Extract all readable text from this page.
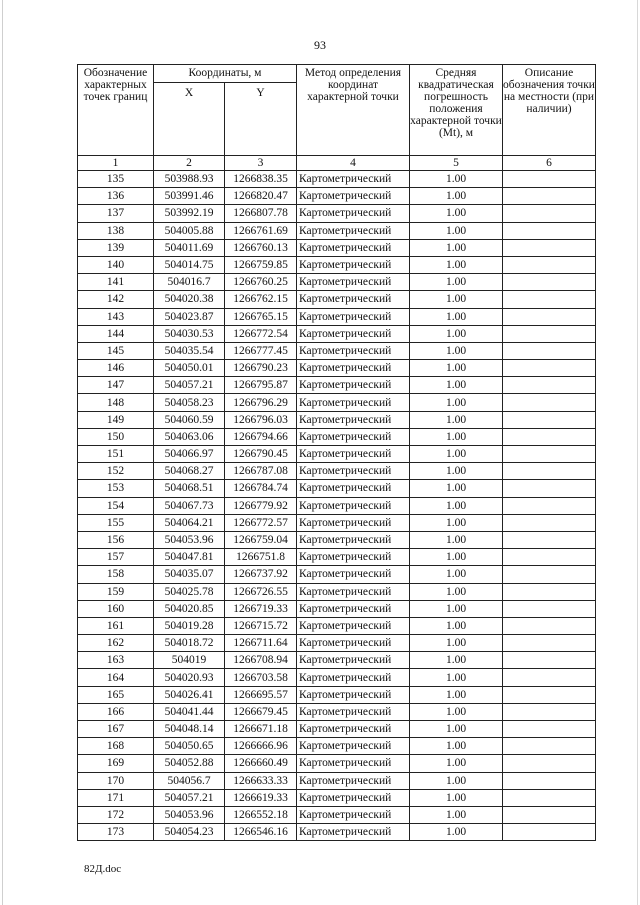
93
Обозначение характерных точек границ	Координаты, м		Метод определения координат характерной точки	Средняя квадратическая погрешность положения характерной точки (Mt), м	Описание обозначения точки на местности (при наличии)
	X	Y			
1	2	3	4	5	6
135	503988.93	1266838.35	Картометрический	1.00	
136	503991.46	1266820.47	Картометрический	1.00	
137	503992.19	1266807.78	Картометрический	1.00	
138	504005.88	1266761.69	Картометрический	1.00	
139	504011.69	1266760.13	Картометрический	1.00	
140	504014.75	1266759.85	Картометрический	1.00	
141	504016.7	1266760.25	Картометрический	1.00	
142	504020.38	1266762.15	Картометрический	1.00	
143	504023.87	1266765.15	Картометрический	1.00	
144	504030.53	1266772.54	Картометрический	1.00	
145	504035.54	1266777.45	Картометрический	1.00	
146	504050.01	1266790.23	Картометрический	1.00	
147	504057.21	1266795.87	Картометрический	1.00	
148	504058.23	1266796.29	Картометрический	1.00	
149	504060.59	1266796.03	Картометрический	1.00	
150	504063.06	1266794.66	Картометрический	1.00	
151	504066.97	1266790.45	Картометрический	1.00	
152	504068.27	1266787.08	Картометрический	1.00	
153	504068.51	1266784.74	Картометрический	1.00	
154	504067.73	1266779.92	Картометрический	1.00	
155	504064.21	1266772.57	Картометрический	1.00	
156	504053.96	1266759.04	Картометрический	1.00	
157	504047.81	1266751.8	Картометрический	1.00	
158	504035.07	1266737.92	Картометрический	1.00	
159	504025.78	1266726.55	Картометрический	1.00	
160	504020.85	1266719.33	Картометрический	1.00	
161	504019.28	1266715.72	Картометрический	1.00	
162	504018.72	1266711.64	Картометрический	1.00	
163	504019	1266708.94	Картометрический	1.00	
164	504020.93	1266703.58	Картометрический	1.00	
165	504026.41	1266695.57	Картометрический	1.00	
166	504041.44	1266679.45	Картометрический	1.00	
167	504048.14	1266671.18	Картометрический	1.00	
168	504050.65	1266666.96	Картометрический	1.00	
169	504052.88	1266660.49	Картометрический	1.00	
170	504056.7	1266633.33	Картометрический	1.00	
171	504057.21	1266619.33	Картометрический	1.00	
172	504053.96	1266552.18	Картометрический	1.00	
173	504054.23	1266546.16	Картометрический	1.00	
82Д.doc
